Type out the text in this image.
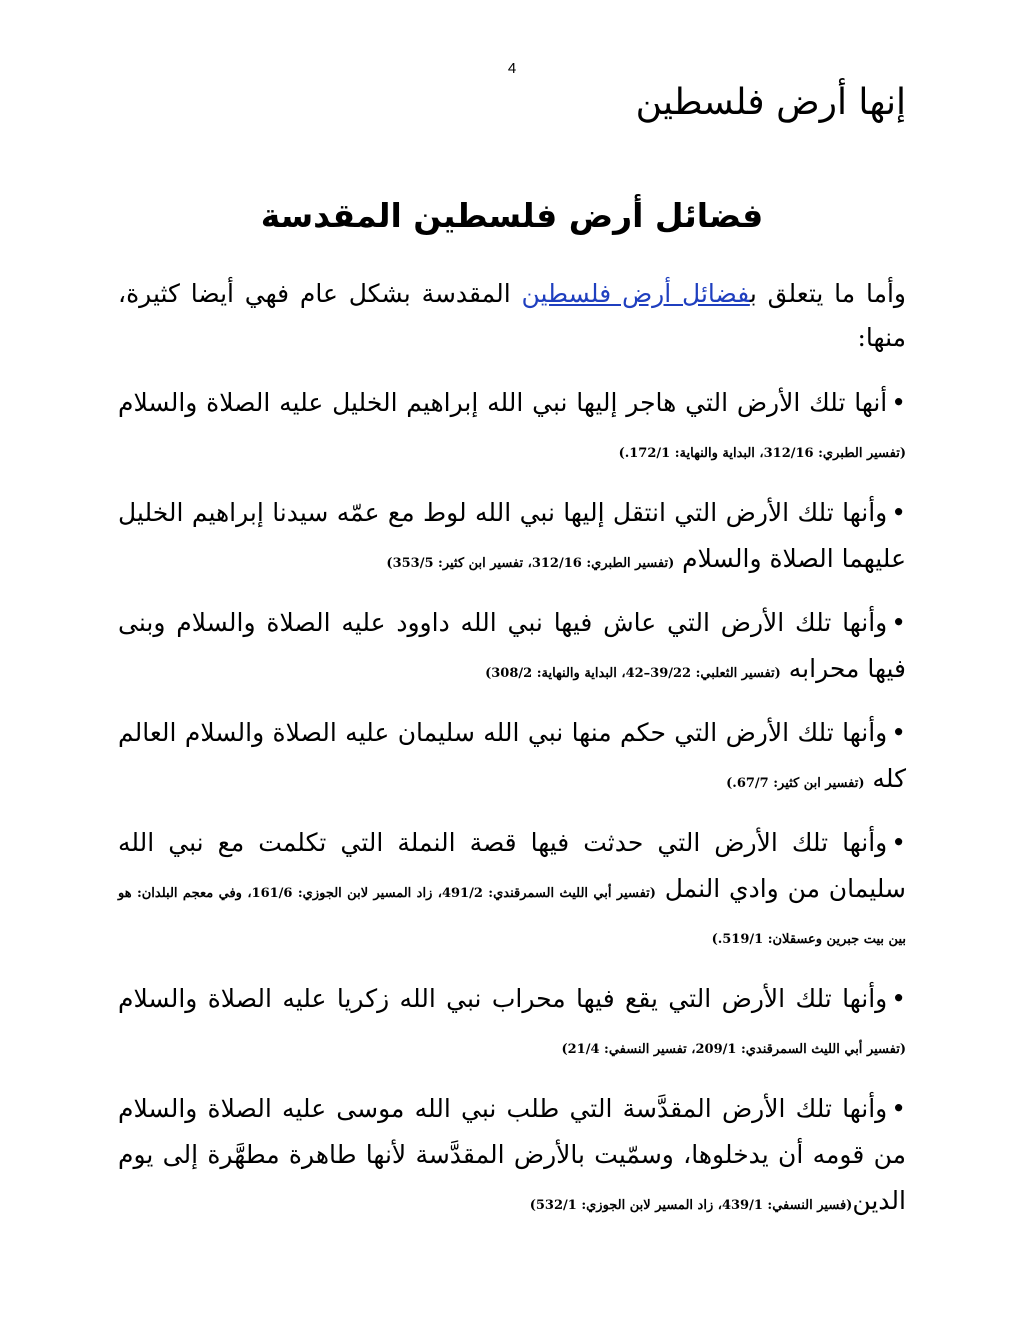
4
إنها أرض فلسطين
فضائل أرض فلسطين المقدسة

وأما ما يتعلق بفضائل أرض فلسطين المقدسة بشكل عام فهي أيضا كثيرة، منها:

•أنها تلك الأرض التي هاجر إليها نبي الله إبراهيم الخليل عليه الصلاة والسلام (تفسير الطبري: 312/16، البداية والنهاية: 172/1.)
•وأنها تلك الأرض التي انتقل إليها نبي الله لوط مع عمّه سيدنا إبراهيم الخليل عليهما الصلاة والسلام (تفسير الطبري: 312/16، تفسير ابن كثير: 353/5)
•وأنها تلك الأرض التي عاش فيها نبي الله داوود عليه الصلاة والسلام وبنى فيها محرابه (تفسير الثعلبي: 39/22–42، البداية والنهاية: 308/2)
•وأنها تلك الأرض التي حكم منها نبي الله سليمان عليه الصلاة والسلام العالم كله (تفسير ابن كثير: 67/7.)
•وأنها تلك الأرض التي حدثت فيها قصة النملة التي تكلمت مع نبي الله سليمان من وادي النمل (تفسير أبي الليث السمرقندي: 491/2، زاد المسير لابن الجوزي: 161/6، وفي معجم البلدان: هو بين بيت جبرين وعسقلان: 519/1.)
•وأنها تلك الأرض التي يقع فيها محراب نبي الله زكريا عليه الصلاة والسلام (تفسير أبي الليث السمرقندي: 209/1، تفسير النسفي: 21/4)
•وأنها تلك الأرض المقدَّسة التي طلب نبي الله موسى عليه الصلاة والسلام من قومه أن يدخلوها، وسمّيت بالأرض المقدَّسة لأنها طاهرة مطهَّرة إلى يوم الدين(فسير النسفي: 439/1، زاد المسير لابن الجوزي: 532/1)
